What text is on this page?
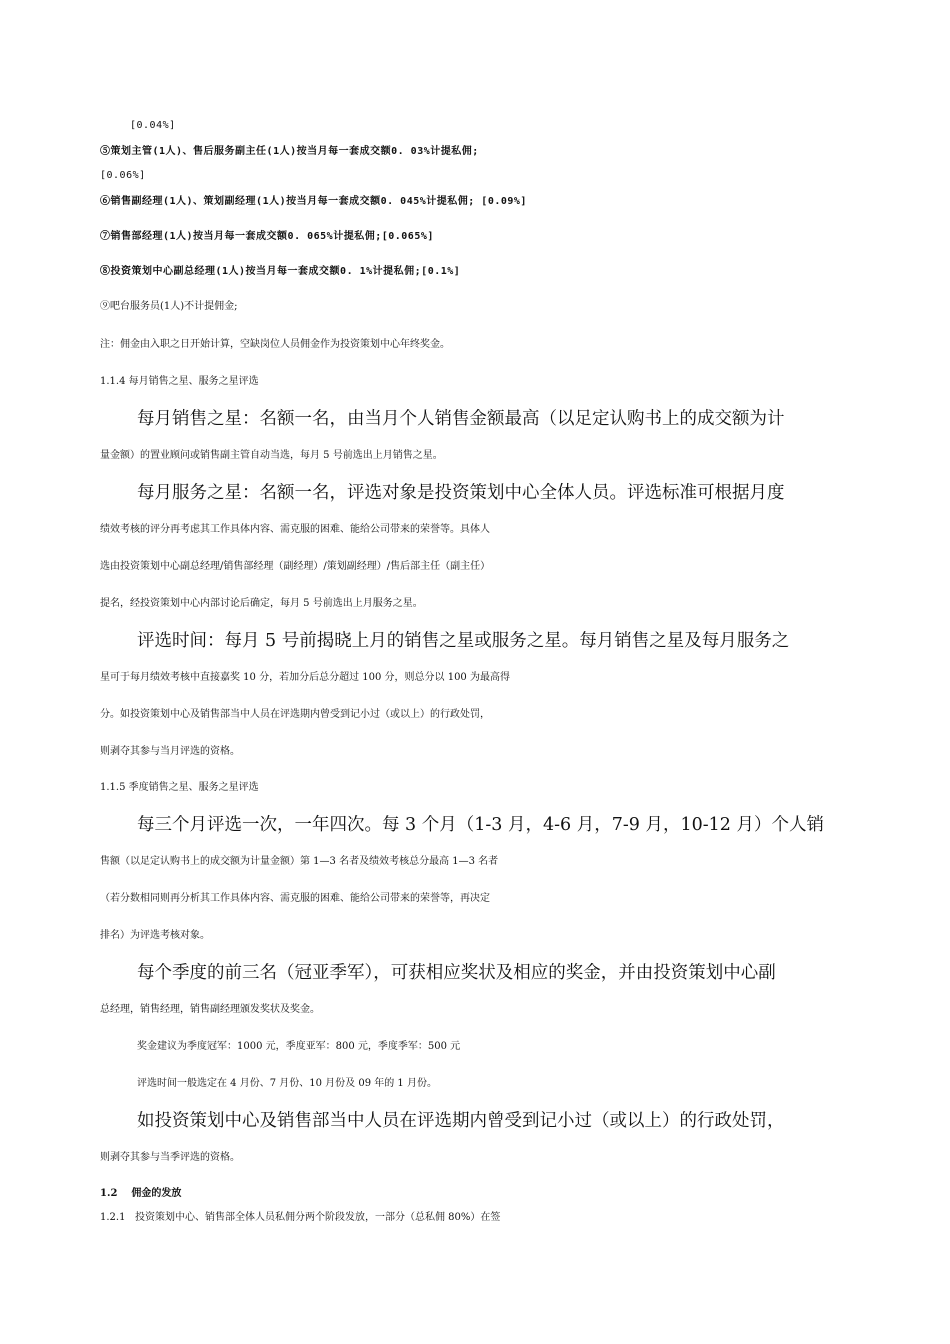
[0.04%]
⑤策划主管(1人)、售后服务副主任(1人)按当月每一套成交额0. 03%计提私佣;
[0.06%]
⑥销售副经理(1人)、策划副经理(1人)按当月每一套成交额0. 045%计提私佣; [0.09%]
⑦销售部经理(1人)按当月每一套成交额0. 065%计提私佣;[0.065%]
⑧投资策划中心副总经理(1人)按当月每一套成交额0. 1%计提私佣;[0.1%]
⑨吧台服务员(1人)不计提佣金;
注：佣金由入职之日开始计算，空缺岗位人员佣金作为投资策划中心年终奖金。
1.1.4 每月销售之星、服务之星评选
每月销售之星：名额一名，由当月个人销售金额最高（以足定认购书上的成交额为计
量金额）的置业顾问或销售副主管自动当选，每月 5 号前选出上月销售之星。
每月服务之星：名额一名，评选对象是投资策划中心全体人员。评选标准可根据月度
绩效考核的评分再考虑其工作具体内容、需克服的困难、能给公司带来的荣誉等。具体人
选由投资策划中心副总经理/销售部经理（副经理）/策划副经理）/售后部主任（副主任）
提名，经投资策划中心内部讨论后确定，每月 5 号前选出上月服务之星。
评选时间：每月 5 号前揭晓上月的销售之星或服务之星。每月销售之星及每月服务之
星可于每月绩效考核中直接嘉奖 10 分，若加分后总分超过 100 分，则总分以 100 为最高得
分。如投资策划中心及销售部当中人员在评选期内曾受到记小过（或以上）的行政处罚，
则剥夺其参与当月评选的资格。
1.1.5 季度销售之星、服务之星评选
每三个月评选一次，一年四次。每 3 个月（1-3 月，4-6 月，7-9 月，10-12 月）个人销
售额（以足定认购书上的成交额为计量金额）第 1—3 名者及绩效考核总分最高 1—3 名者
（若分数相同则再分析其工作具体内容、需克服的困难、能给公司带来的荣誉等，再决定
排名）为评选考核对象。
每个季度的前三名（冠亚季军），可获相应奖状及相应的奖金，并由投资策划中心副
总经理，销售经理，销售副经理颁发奖状及奖金。
奖金建议为季度冠军：1000 元，季度亚军：800 元，季度季军：500 元
评选时间一般选定在 4 月份、7 月份、10 月份及 09 年的 1 月份。
如投资策划中心及销售部当中人员在评选期内曾受到记小过（或以上）的行政处罚，
则剥夺其参与当季评选的资格。
1.2    佣金的发放
1.2.1   投资策划中心、销售部全体人员私佣分两个阶段发放，一部分（总私佣 80%）在签
